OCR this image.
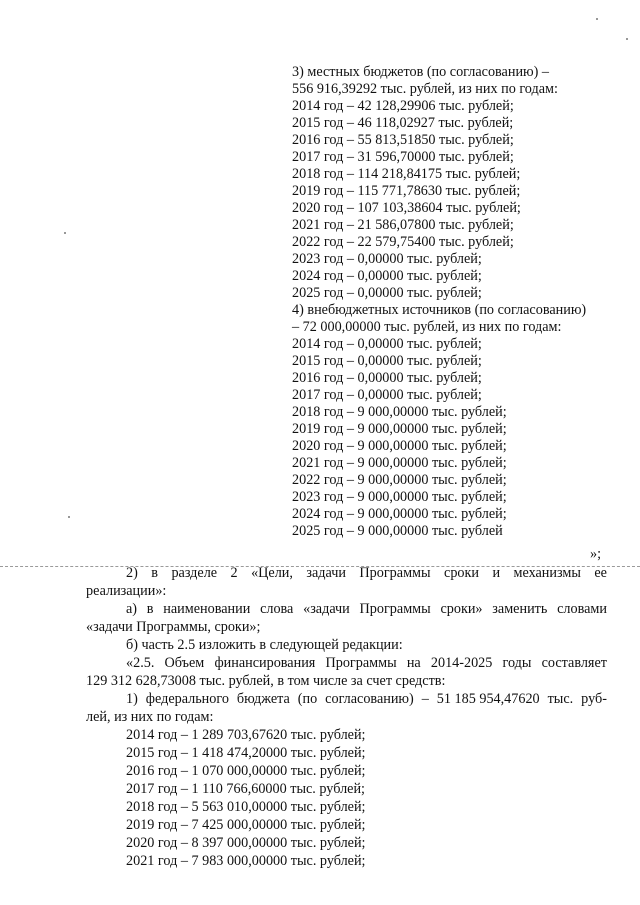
3) местных бюджетов (по согласованию) –
556 916,39292 тыс. рублей, из них по годам:
2014 год – 42 128,29906 тыс. рублей;
2015 год – 46 118,02927 тыс. рублей;
2016 год – 55 813,51850 тыс. рублей;
2017 год – 31 596,70000 тыс. рублей;
2018 год – 114 218,84175 тыс. рублей;
2019 год – 115 771,78630 тыс. рублей;
2020 год – 107 103,38604 тыс. рублей;
2021 год – 21 586,07800 тыс. рублей;
2022 год – 22 579,75400 тыс. рублей;
2023 год – 0,00000 тыс. рублей;
2024 год – 0,00000 тыс. рублей;
2025 год – 0,00000 тыс. рублей;
4) внебюджетных источников (по согласованию)
– 72 000,00000 тыс. рублей, из них по годам:
2014 год – 0,00000 тыс. рублей;
2015 год – 0,00000 тыс. рублей;
2016 год – 0,00000 тыс. рублей;
2017 год – 0,00000 тыс. рублей;
2018 год – 9 000,00000 тыс. рублей;
2019 год – 9 000,00000 тыс. рублей;
2020 год – 9 000,00000 тыс. рублей;
2021 год – 9 000,00000 тыс. рублей;
2022 год – 9 000,00000 тыс. рублей;
2023 год – 9 000,00000 тыс. рублей;
2024 год – 9 000,00000 тыс. рублей;
2025 год – 9 000,00000 тыс. рублей
»;
2) в разделе 2 «Цели, задачи Программы сроки и механизмы ее
реализации»:
а) в наименовании слова «задачи Программы сроки» заменить словами
«задачи Программы, сроки»;
б) часть 2.5 изложить в следующей редакции:
«2.5. Объем финансирования Программы на 2014-2025 годы составляет
129 312 628,73008 тыс. рублей, в том числе за счет средств:
1) федерального бюджета (по согласованию) – 51 185 954,47620 тыс. руб-
лей, из них по годам:
2014 год – 1 289 703,67620 тыс. рублей;
2015 год – 1 418 474,20000 тыс. рублей;
2016 год – 1 070 000,00000 тыс. рублей;
2017 год – 1 110 766,60000 тыс. рублей;
2018 год – 5 563 010,00000 тыс. рублей;
2019 год – 7 425 000,00000 тыс. рублей;
2020 год – 8 397 000,00000 тыс. рублей;
2021 год – 7 983 000,00000 тыс. рублей;
